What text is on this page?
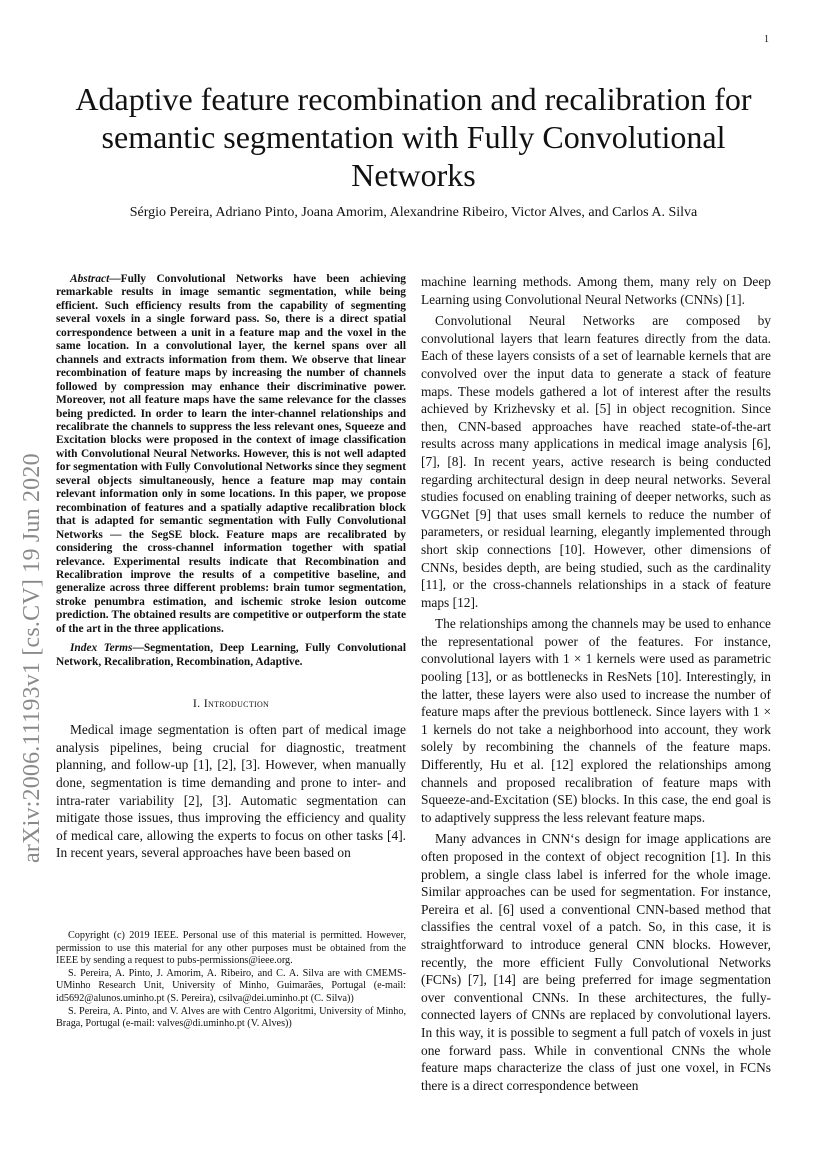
1
arXiv:2006.11193v1 [cs.CV] 19 Jun 2020
Adaptive feature recombination and recalibration for semantic segmentation with Fully Convolutional Networks

Sérgio Pereira, Adriano Pinto, Joana Amorim, Alexandrine Ribeiro, Victor Alves, and Carlos A. Silva

Abstract—Fully Convolutional Networks have been achieving remarkable results in image semantic segmentation, while being efficient. Such efficiency results from the capability of segmenting several voxels in a single forward pass. So, there is a direct spatial correspondence between a unit in a feature map and the voxel in the same location. In a convolutional layer, the kernel spans over all channels and extracts information from them. We observe that linear recombination of feature maps by increasing the number of channels followed by compression may enhance their discriminative power. Moreover, not all feature maps have the same relevance for the classes being predicted. In order to learn the inter-channel relationships and recalibrate the channels to suppress the less relevant ones, Squeeze and Excitation blocks were proposed in the context of image classification with Convolutional Neural Networks. However, this is not well adapted for segmentation with Fully Convolutional Networks since they segment several objects simultaneously, hence a feature map may contain relevant information only in some locations. In this paper, we propose recombination of features and a spatially adaptive recalibration block that is adapted for semantic segmentation with Fully Convolutional Networks — the SegSE block. Feature maps are recalibrated by considering the cross-channel information together with spatial relevance. Experimental results indicate that Recombination and Recalibration improve the results of a competitive baseline, and generalize across three different problems: brain tumor segmentation, stroke penumbra estimation, and ischemic stroke lesion outcome prediction. The obtained results are competitive or outperform the state of the art in the three applications.

Index Terms—Segmentation, Deep Learning, Fully Convolutional Network, Recalibration, Recombination, Adaptive.

I. Introduction

Medical image segmentation is often part of medical image analysis pipelines, being crucial for diagnostic, treatment planning, and follow-up [1], [2], [3]. However, when manually done, segmentation is time demanding and prone to inter- and intra-rater variability [2], [3]. Automatic segmentation can mitigate those issues, thus improving the efficiency and quality of medical care, allowing the experts to focus on other tasks [4]. In recent years, several approaches have been based on

Copyright (c) 2019 IEEE. Personal use of this material is permitted. However, permission to use this material for any other purposes must be obtained from the IEEE by sending a request to pubs-permissions@ieee.org.

S. Pereira, A. Pinto, J. Amorim, A. Ribeiro, and C. A. Silva are with CMEMS-UMinho Research Unit, University of Minho, Guimarães, Portugal (e-mail: id5692@alunos.uminho.pt (S. Pereira), csilva@dei.uminho.pt (C. Silva))

S. Pereira, A. Pinto, and V. Alves are with Centro Algoritmi, University of Minho, Braga, Portugal (e-mail: valves@di.uminho.pt (V. Alves))

machine learning methods. Among them, many rely on Deep Learning using Convolutional Neural Networks (CNNs) [1].

Convolutional Neural Networks are composed by convolutional layers that learn features directly from the data. Each of these layers consists of a set of learnable kernels that are convolved over the input data to generate a stack of feature maps. These models gathered a lot of interest after the results achieved by Krizhevsky et al. [5] in object recognition. Since then, CNN-based approaches have reached state-of-the-art results across many applications in medical image analysis [6], [7], [8]. In recent years, active research is being conducted regarding architectural design in deep neural networks. Several studies focused on enabling training of deeper networks, such as VGGNet [9] that uses small kernels to reduce the number of parameters, or residual learning, elegantly implemented through short skip connections [10]. However, other dimensions of CNNs, besides depth, are being studied, such as the cardinality [11], or the cross-channels relationships in a stack of feature maps [12].

The relationships among the channels may be used to enhance the representational power of the features. For instance, convolutional layers with 1 × 1 kernels were used as parametric pooling [13], or as bottlenecks in ResNets [10]. Interestingly, in the latter, these layers were also used to increase the number of feature maps after the previous bottleneck. Since layers with 1 × 1 kernels do not take a neighborhood into account, they work solely by recombining the channels of the feature maps. Differently, Hu et al. [12] explored the relationships among channels and proposed recalibration of feature maps with Squeeze-and-Excitation (SE) blocks. In this case, the end goal is to adaptively suppress the less relevant feature maps.

Many advances in CNN‘s design for image applications are often proposed in the context of object recognition [1]. In this problem, a single class label is inferred for the whole image. Similar approaches can be used for segmentation. For instance, Pereira et al. [6] used a conventional CNN-based method that classifies the central voxel of a patch. So, in this case, it is straightforward to introduce general CNN blocks. However, recently, the more efficient Fully Convolutional Networks (FCNs) [7], [14] are being preferred for image segmentation over conventional CNNs. In these architectures, the fully-connected layers of CNNs are replaced by convolutional layers. In this way, it is possible to segment a full patch of voxels in just one forward pass. While in conventional CNNs the whole feature maps characterize the class of just one voxel, in FCNs there is a direct correspondence between
